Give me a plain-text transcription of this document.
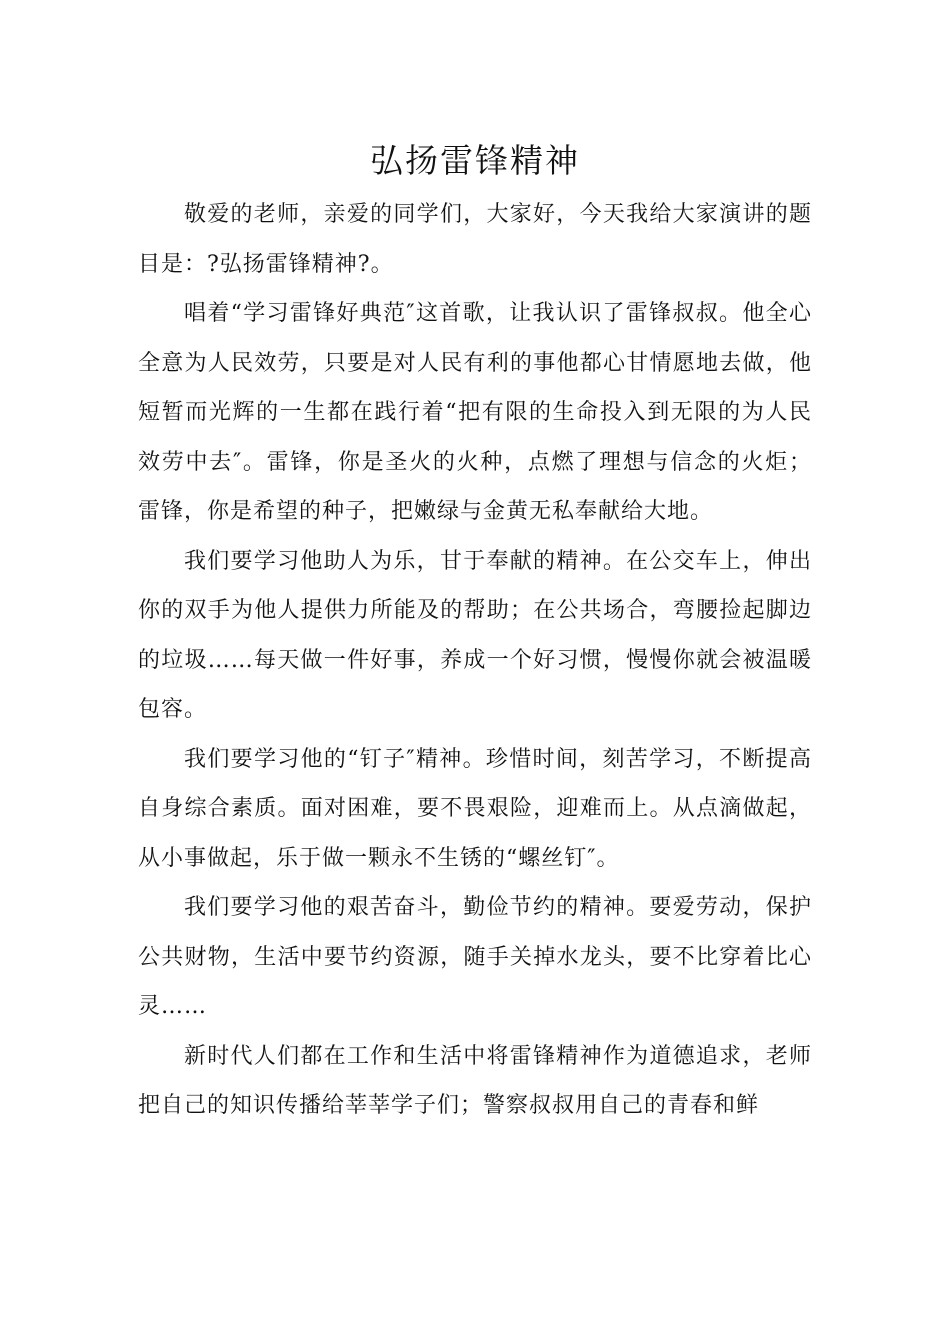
弘扬雷锋精神

敬爱的老师，亲爱的同学们，大家好，今天我给大家演讲的题目是：?弘扬雷锋精神?。

唱着“学习雷锋好典范″这首歌，让我认识了雷锋叔叔。他全心全意为人民效劳，只要是对人民有利的事他都心甘情愿地去做，他短暂而光辉的一生都在践行着“把有限的生命投入到无限的为人民效劳中去″。雷锋，你是圣火的火种，点燃了理想与信念的火炬；雷锋，你是希望的种子，把嫩绿与金黄无私奉献给大地。

我们要学习他助人为乐，甘于奉献的精神。在公交车上，伸出你的双手为他人提供力所能及的帮助；在公共场合，弯腰捡起脚边的垃圾……每天做一件好事，养成一个好习惯，慢慢你就会被温暖包容。

我们要学习他的“钉子″精神。珍惜时间，刻苦学习，不断提高自身综合素质。面对困难，要不畏艰险，迎难而上。从点滴做起，从小事做起，乐于做一颗永不生锈的“螺丝钉″。

我们要学习他的艰苦奋斗，勤俭节约的精神。要爱劳动，保护公共财物，生活中要节约资源，随手关掉水龙头，要不比穿着比心灵……

新时代人们都在工作和生活中将雷锋精神作为道德追求，老师把自己的知识传播给莘莘学子们；警察叔叔用自己的青春和鲜
